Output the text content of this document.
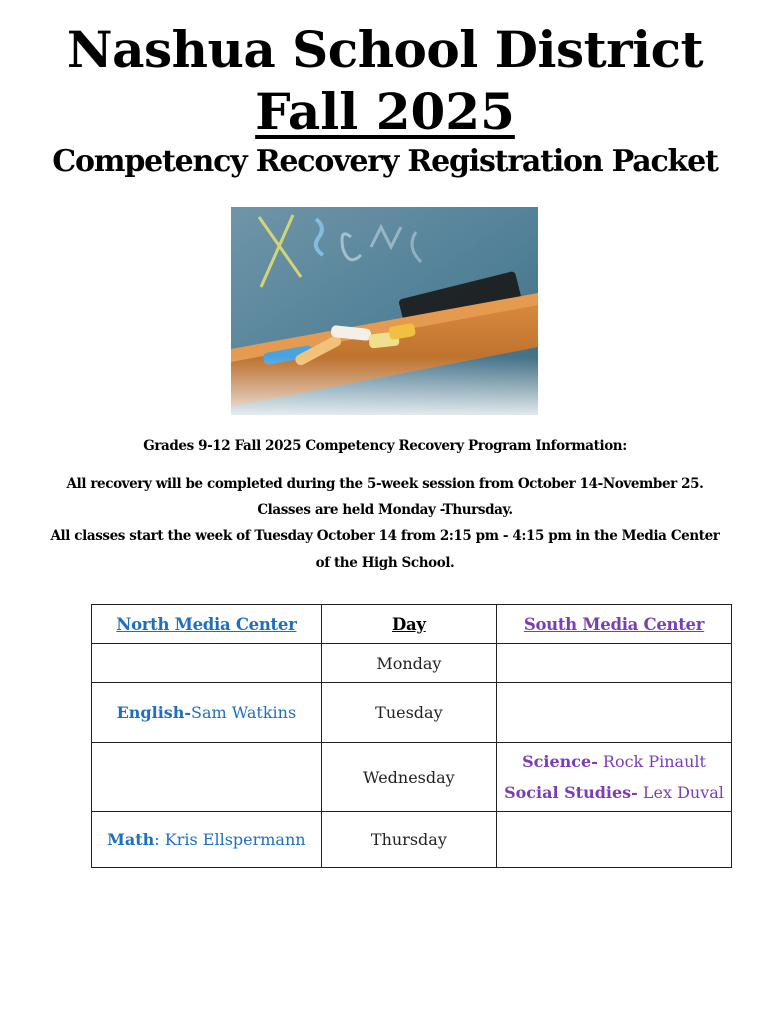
Nashua School District
Fall 2025
Competency Recovery Registration Packet
Grades 9-12 Fall 2025 Competency Recovery Program Information:
All recovery will be completed during the 5-week session from October 14-November 25.
Classes are held Monday -Thursday.
All classes start the week of Tuesday October 14 from 2:15 pm - 4:15 pm in the Media Center
of the High School.
North Media Center	Day	South Media Center
	Monday	
English-Sam Watkins	Tuesday	
	Wednesday	Science- Rock Pinault
Social Studies- Lex Duval

Math: Kris Ellspermann	Thursday	
